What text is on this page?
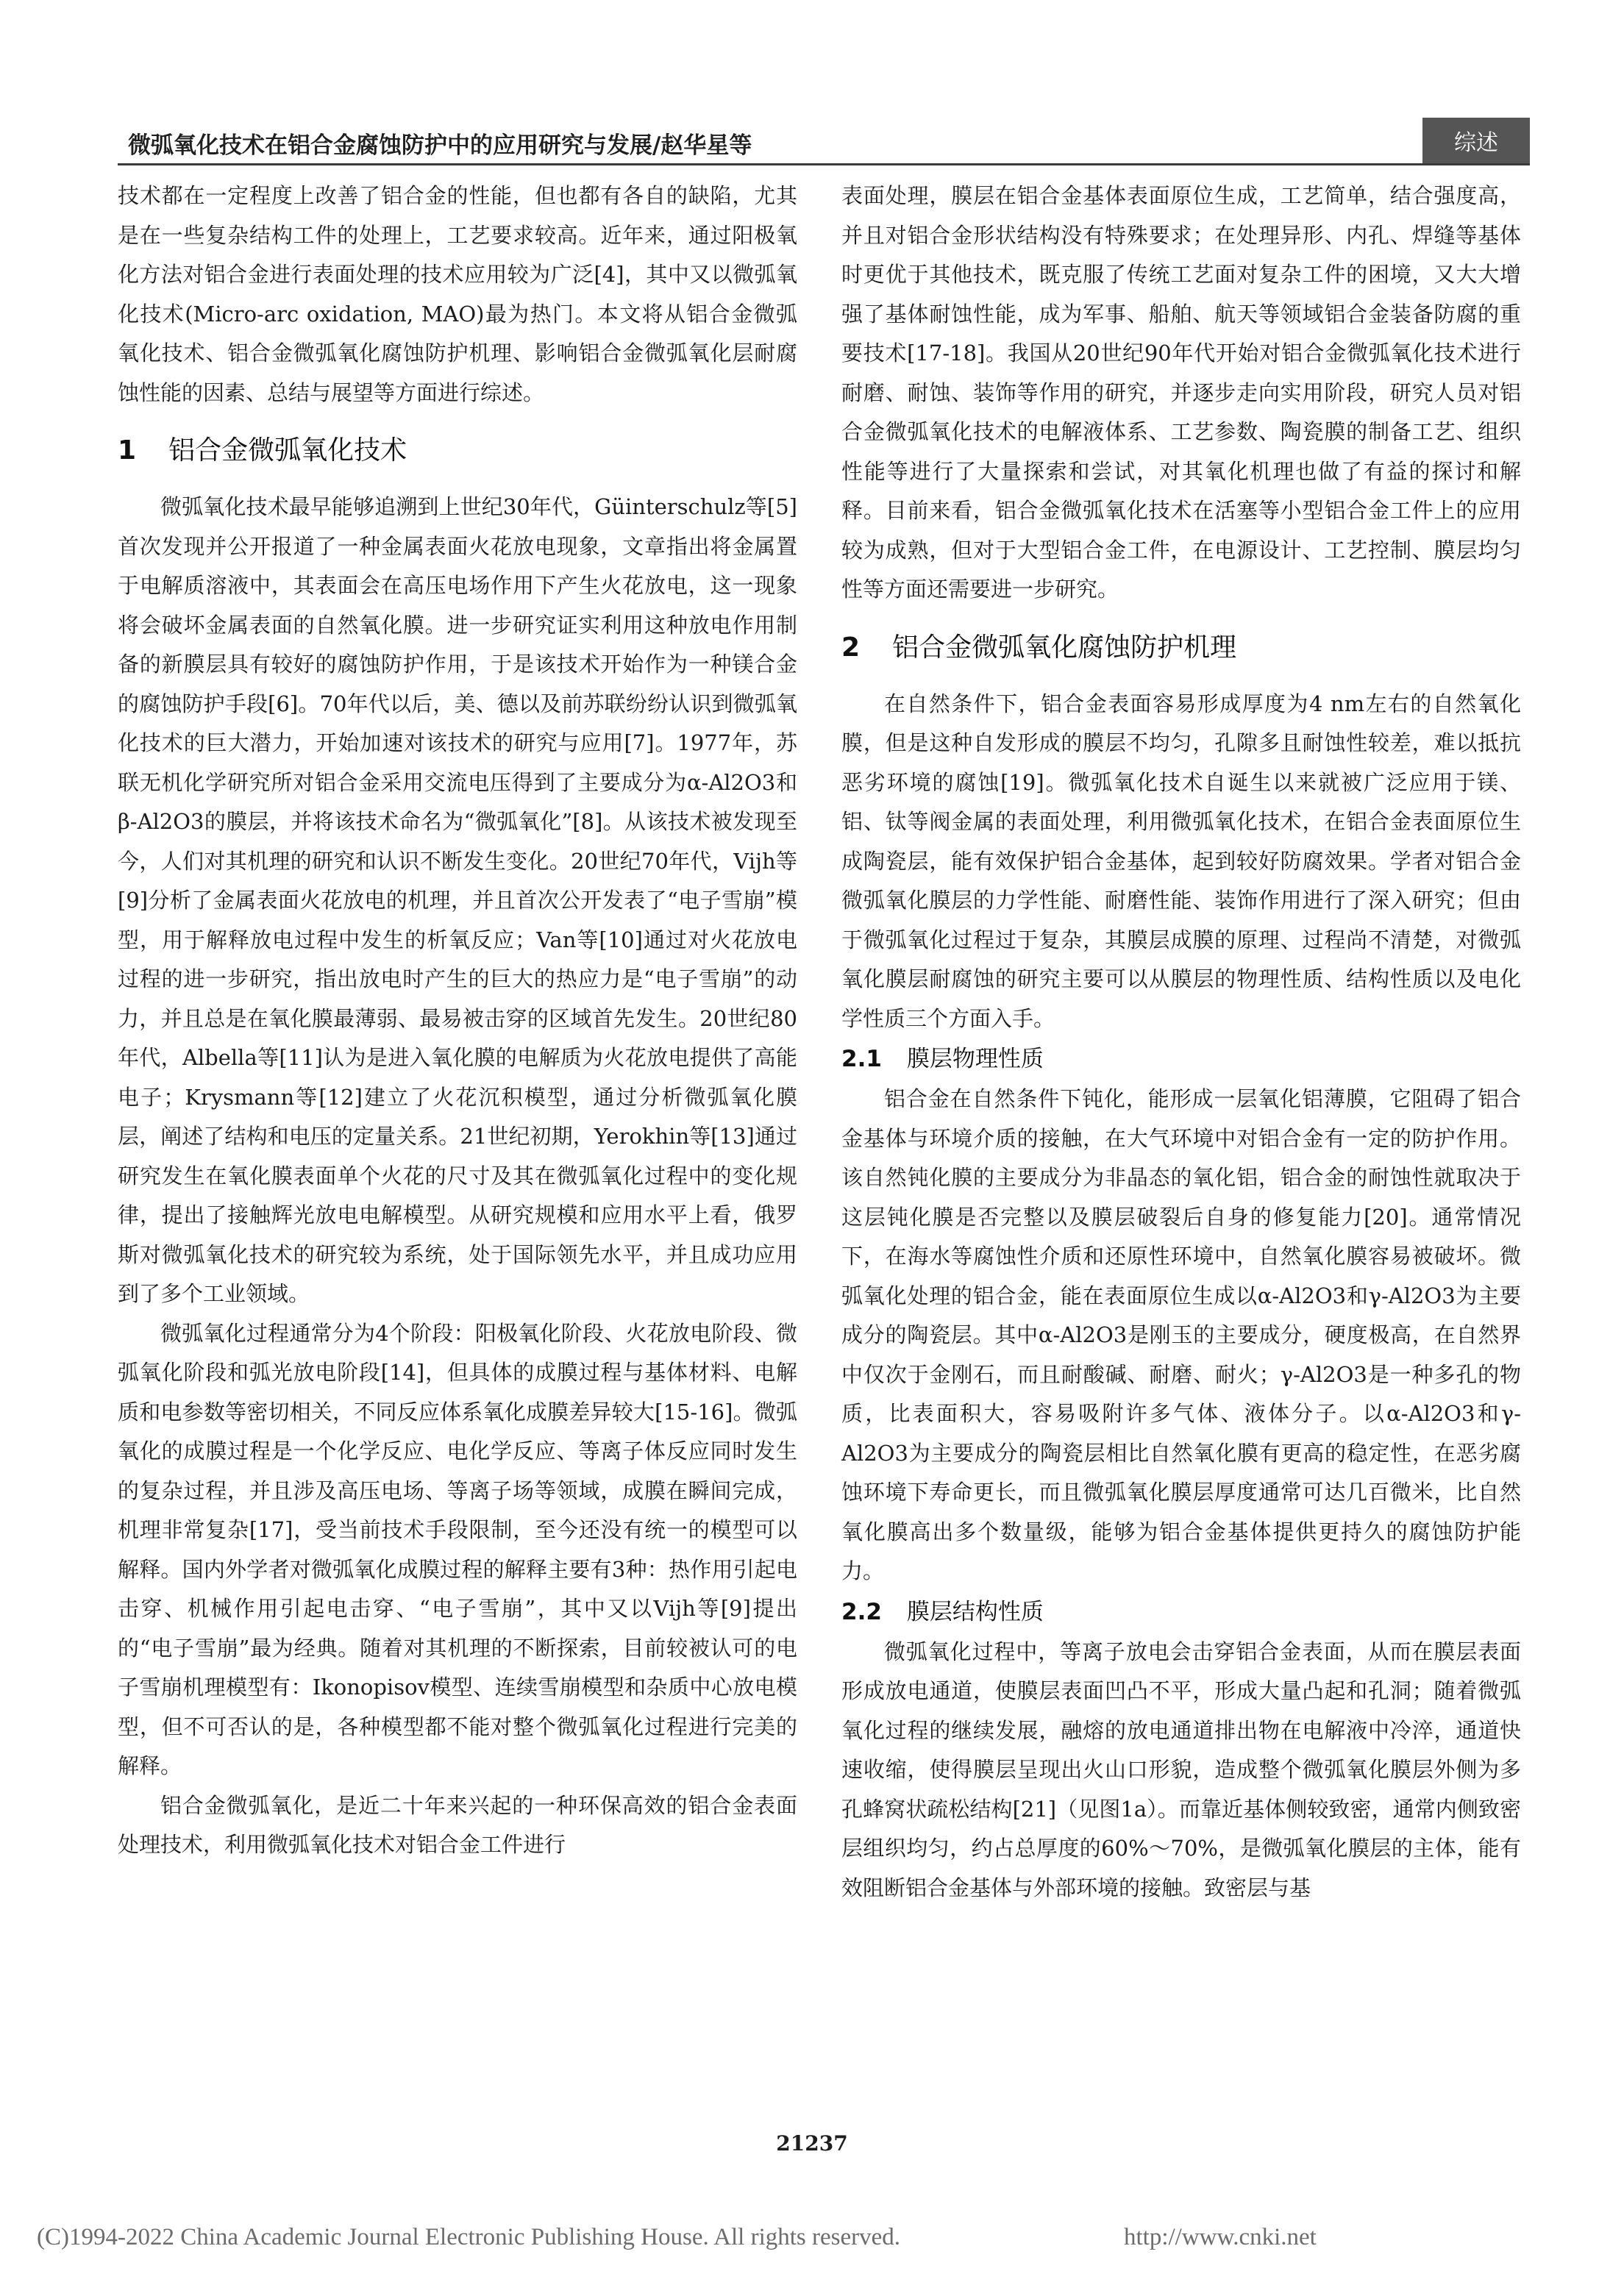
微弧氧化技术在铝合金腐蚀防护中的应用研究与发展/赵华星等	综述

技术都在一定程度上改善了铝合金的性能，但也都有各自的缺陷，尤其是在一些复杂结构工件的处理上，工艺要求较高。近年来，通过阳极氧化方法对铝合金进行表面处理的技术应用较为广泛[4]，其中又以微弧氧化技术(Micro-arc oxidation, MAO)最为热门。本文将从铝合金微弧氧化技术、铝合金微弧氧化腐蚀防护机理、影响铝合金微弧氧化层耐腐蚀性能的因素、总结与展望等方面进行综述。

1 铝合金微弧氧化技术

微弧氧化技术最早能够追溯到上世纪30年代，Güinterschulz等[5]首次发现并公开报道了一种金属表面火花放电现象，文章指出将金属置于电解质溶液中，其表面会在高压电场作用下产生火花放电，这一现象将会破坏金属表面的自然氧化膜。进一步研究证实利用这种放电作用制备的新膜层具有较好的腐蚀防护作用，于是该技术开始作为一种镁合金的腐蚀防护手段[6]。70年代以后，美、德以及前苏联纷纷认识到微弧氧化技术的巨大潜力，开始加速对该技术的研究与应用[7]。1977年，苏联无机化学研究所对铝合金采用交流电压得到了主要成分为α-Al2O3和β-Al2O3的膜层，并将该技术命名为“微弧氧化”[8]。从该技术被发现至今，人们对其机理的研究和认识不断发生变化。20世纪70年代，Vijh等[9]分析了金属表面火花放电的机理，并且首次公开发表了“电子雪崩”模型，用于解释放电过程中发生的析氧反应；Van等[10]通过对火花放电过程的进一步研究，指出放电时产生的巨大的热应力是“电子雪崩”的动力，并且总是在氧化膜最薄弱、最易被击穿的区域首先发生。20世纪80年代，Albella等[11]认为是进入氧化膜的电解质为火花放电提供了高能电子；Krysmann等[12]建立了火花沉积模型，通过分析微弧氧化膜层，阐述了结构和电压的定量关系。21世纪初期，Yerokhin等[13]通过研究发生在氧化膜表面单个火花的尺寸及其在微弧氧化过程中的变化规律，提出了接触辉光放电电解模型。从研究规模和应用水平上看，俄罗斯对微弧氧化技术的研究较为系统，处于国际领先水平，并且成功应用到了多个工业领域。

微弧氧化过程通常分为4个阶段：阳极氧化阶段、火花放电阶段、微弧氧化阶段和弧光放电阶段[14]，但具体的成膜过程与基体材料、电解质和电参数等密切相关，不同反应体系氧化成膜差异较大[15-16]。微弧氧化的成膜过程是一个化学反应、电化学反应、等离子体反应同时发生的复杂过程，并且涉及高压电场、等离子场等领域，成膜在瞬间完成，机理非常复杂[17]，受当前技术手段限制，至今还没有统一的模型可以解释。国内外学者对微弧氧化成膜过程的解释主要有3种：热作用引起电击穿、机械作用引起电击穿、“电子雪崩”，其中又以Vijh等[9]提出的“电子雪崩”最为经典。随着对其机理的不断探索，目前较被认可的电子雪崩机理模型有：Ikonopisov模型、连续雪崩模型和杂质中心放电模型，但不可否认的是，各种模型都不能对整个微弧氧化过程进行完美的解释。

铝合金微弧氧化，是近二十年来兴起的一种环保高效的铝合金表面处理技术，利用微弧氧化技术对铝合金工件进行

表面处理，膜层在铝合金基体表面原位生成，工艺简单，结合强度高，并且对铝合金形状结构没有特殊要求；在处理异形、内孔、焊缝等基体时更优于其他技术，既克服了传统工艺面对复杂工件的困境，又大大增强了基体耐蚀性能，成为军事、船舶、航天等领域铝合金装备防腐的重要技术[17-18]。我国从20世纪90年代开始对铝合金微弧氧化技术进行耐磨、耐蚀、装饰等作用的研究，并逐步走向实用阶段，研究人员对铝合金微弧氧化技术的电解液体系、工艺参数、陶瓷膜的制备工艺、组织性能等进行了大量探索和尝试，对其氧化机理也做了有益的探讨和解释。目前来看，铝合金微弧氧化技术在活塞等小型铝合金工件上的应用较为成熟，但对于大型铝合金工件，在电源设计、工艺控制、膜层均匀性等方面还需要进一步研究。

2 铝合金微弧氧化腐蚀防护机理

在自然条件下，铝合金表面容易形成厚度为4 nm左右的自然氧化膜，但是这种自发形成的膜层不均匀，孔隙多且耐蚀性较差，难以抵抗恶劣环境的腐蚀[19]。微弧氧化技术自诞生以来就被广泛应用于镁、铝、钛等阀金属的表面处理，利用微弧氧化技术，在铝合金表面原位生成陶瓷层，能有效保护铝合金基体，起到较好防腐效果。学者对铝合金微弧氧化膜层的力学性能、耐磨性能、装饰作用进行了深入研究；但由于微弧氧化过程过于复杂，其膜层成膜的原理、过程尚不清楚，对微弧氧化膜层耐腐蚀的研究主要可以从膜层的物理性质、结构性质以及电化学性质三个方面入手。

2.1 膜层物理性质

铝合金在自然条件下钝化，能形成一层氧化铝薄膜，它阻碍了铝合金基体与环境介质的接触，在大气环境中对铝合金有一定的防护作用。该自然钝化膜的主要成分为非晶态的氧化铝，铝合金的耐蚀性就取决于这层钝化膜是否完整以及膜层破裂后自身的修复能力[20]。通常情况下，在海水等腐蚀性介质和还原性环境中，自然氧化膜容易被破坏。微弧氧化处理的铝合金，能在表面原位生成以α-Al2O3和γ-Al2O3为主要成分的陶瓷层。其中α-Al2O3是刚玉的主要成分，硬度极高，在自然界中仅次于金刚石，而且耐酸碱、耐磨、耐火；γ-Al2O3是一种多孔的物质，比表面积大，容易吸附许多气体、液体分子。以α-Al2O3和γ-Al2O3为主要成分的陶瓷层相比自然氧化膜有更高的稳定性，在恶劣腐蚀环境下寿命更长，而且微弧氧化膜层厚度通常可达几百微米，比自然氧化膜高出多个数量级，能够为铝合金基体提供更持久的腐蚀防护能力。

2.2 膜层结构性质

微弧氧化过程中，等离子放电会击穿铝合金表面，从而在膜层表面形成放电通道，使膜层表面凹凸不平，形成大量凸起和孔洞；随着微弧氧化过程的继续发展，融熔的放电通道排出物在电解液中冷淬，通道快速收缩，使得膜层呈现出火山口形貌，造成整个微弧氧化膜层外侧为多孔蜂窝状疏松结构[21]（见图1a）。而靠近基体侧较致密，通常内侧致密层组织均匀，约占总厚度的60%～70%，是微弧氧化膜层的主体，能有效阻断铝合金基体与外部环境的接触。致密层与基

21237
(C)1994-2022 China Academic Journal Electronic Publishing House. All rights reserved.	http://www.cnki.net
